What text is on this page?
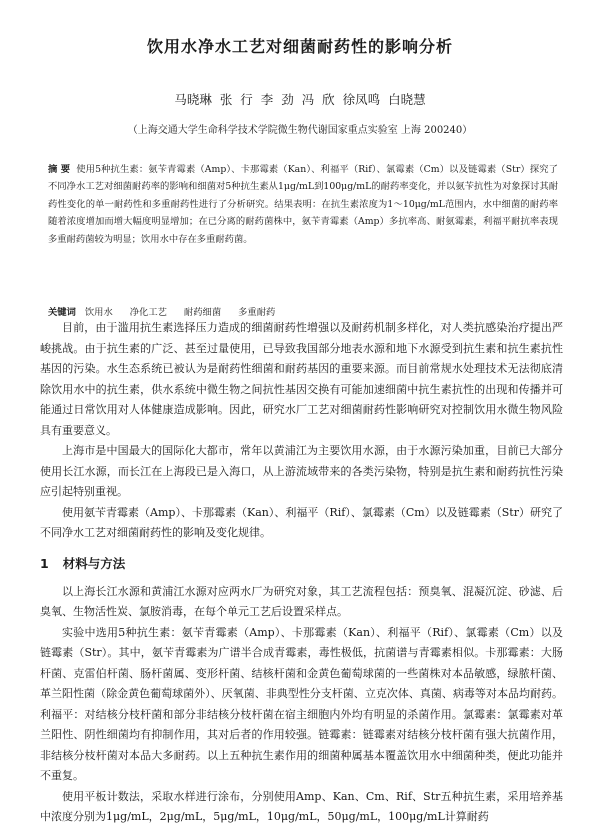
饮用水净水工艺对细菌耐药性的影响分析
马晓琳 张 行 李 劲 冯 欣 徐凤鸣 白晓慧
（上海交通大学生命科学技术学院微生物代谢国家重点实验室 上海 200240）
摘 要 使用5种抗生素：氨苄青霉素（Amp）、卡那霉素（Kan）、利福平（Rif）、氯霉素（Cm）以及链霉素（Str）探究了不同净水工艺对细菌耐药率的影响和细菌对5种抗生素从1μg/mL到100μg/mL的耐药率变化，并以氨苄抗性为对象探讨其耐药性变化的单一耐药性和多重耐药性进行了分析研究。结果表明：在抗生素浓度为1～10μg/mL范围内，水中细菌的耐药率随着浓度增加而增大幅度明显增加；在已分离的耐药菌株中，氨苄青霉素（Amp）多抗率高、耐氨霉素，利福平耐抗率表现多重耐药菌较为明显；饮用水中存在多重耐药菌。
关键词 饮用水 净化工艺 耐药细菌 多重耐药

目前，由于滥用抗生素选择压力造成的细菌耐药性增强以及耐药机制多样化，对人类抗感染治疗提出严峻挑战。由于抗生素的广泛、甚至过量使用，已导致我国部分地表水源和地下水源受到抗生素和抗生素抗性基因的污染。水生态系统已被认为是耐药性细菌和耐药基因的重要来源。而目前常规水处理技术无法彻底清除饮用水中的抗生素，供水系统中微生物之间抗性基因交换有可能加速细菌中抗生素抗性的出现和传播并可能通过日常饮用对人体健康造成影响。因此，研究水厂工艺对细菌耐药性影响研究对控制饮用水微生物风险具有重要意义。

上海市是中国最大的国际化大都市，常年以黄浦江为主要饮用水源，由于水源污染加重，目前已大部分使用长江水源，而长江在上海段已是入海口，从上游流域带来的各类污染物，特别是抗生素和耐药抗性污染应引起特别重视。

使用氨苄青霉素（Amp）、卡那霉素（Kan）、利福平（Rif）、氯霉素（Cm）以及链霉素（Str）研究了不同净水工艺对细菌耐药性的影响及变化规律。

1 材料与方法

以上海长江水源和黄浦江水源对应两水厂为研究对象，其工艺流程包括：预臭氧、混凝沉淀、砂滤、后臭氧、生物活性炭、氯胺消毒，在每个单元工艺后设置采样点。

实验中选用5种抗生素：氨苄青霉素（Amp）、卡那霉素（Kan）、利福平（Rif）、氯霉素（Cm）以及链霉素（Str）。其中，氨苄青霉素为广谱半合成青霉素，毒性极低，抗菌谱与青霉素相似。卡那霉素：大肠杆菌、克雷伯杆菌、肠杆菌属、变形杆菌、结核杆菌和金黄色葡萄球菌的一些菌株对本品敏感，绿脓杆菌、革兰阳性菌（除金黄色葡萄球菌外）、厌氧菌、非典型性分支杆菌、立克次体、真菌、病毒等对本品均耐药。利福平：对结核分枝杆菌和部分非结核分枝杆菌在宿主细胞内外均有明显的杀菌作用。氯霉素：氯霉素对革兰阳性、阴性细菌均有抑制作用，其对后者的作用较强。链霉素：链霉素对结核分枝杆菌有强大抗菌作用，非结核分枝杆菌对本品大多耐药。以上五种抗生素作用的细菌种属基本覆盖饮用水中细菌种类，便此功能并不重复。

使用平板计数法，采取水样进行涂布，分别使用Amp、Kan、Cm、Rif、Str五种抗生素，采用培养基中浓度分别为1μg/mL，2μg/mL，5μg/mL，10μg/mL，50μg/mL，100μg/mL计算耐药
